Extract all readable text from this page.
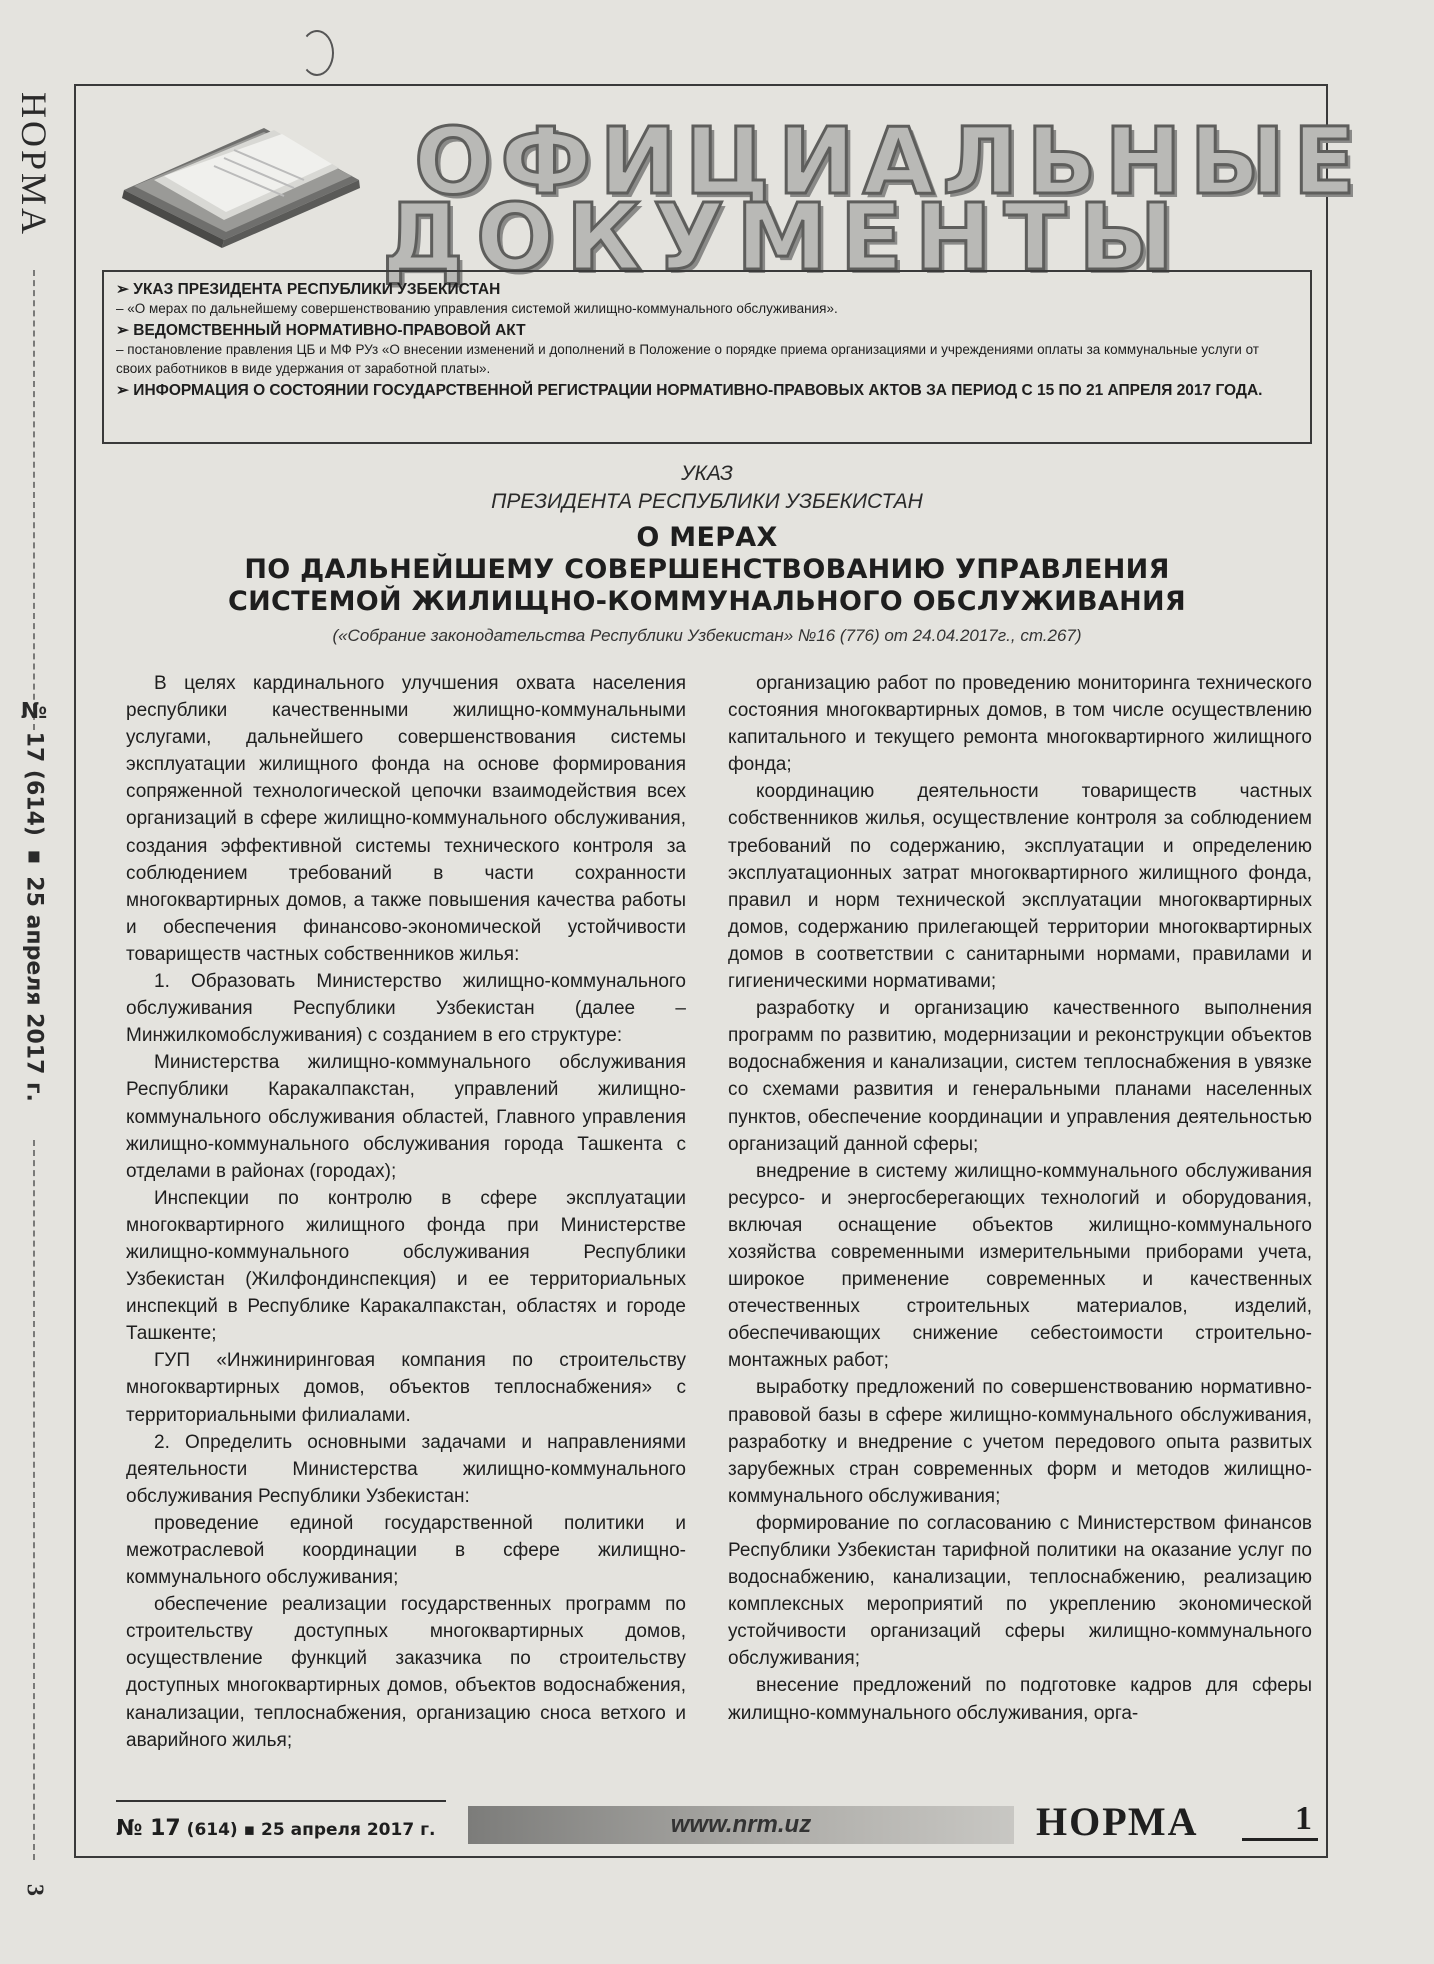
НОРМА
№ 17 (614) ▪ 25 апреля 2017 г.
3
ОФИЦИАЛЬНЫЕ
ДОКУМЕНТЫ
➢ УКАЗ ПРЕЗИДЕНТА РЕСПУБЛИКИ УЗБЕКИСТАН
– «О мерах по дальнейшему совершенствованию управления системой жилищно-коммунального обслуживания».
➢ ВЕДОМСТВЕННЫЙ НОРМАТИВНО-ПРАВОВОЙ АКТ
– постановление правления ЦБ и МФ РУз «О внесении изменений и дополнений в Положение о порядке приема организациями и учреждениями оплаты за коммунальные услуги от своих работников в виде удержания от заработной платы».
➢ ИНФОРМАЦИЯ О СОСТОЯНИИ ГОСУДАРСТВЕННОЙ РЕГИСТРАЦИИ НОРМАТИВНО-ПРАВОВЫХ АКТОВ ЗА ПЕРИОД С 15 ПО 21 АПРЕЛЯ 2017 ГОДА.
УКАЗ
ПРЕЗИДЕНТА РЕСПУБЛИКИ УЗБЕКИСТАН
О МЕРАХ
ПО ДАЛЬНЕЙШЕМУ СОВЕРШЕНСТВОВАНИЮ УПРАВЛЕНИЯ
СИСТЕМОЙ ЖИЛИЩНО-КОММУНАЛЬНОГО ОБСЛУЖИВАНИЯ
(«Собрание законодательства Республики Узбекистан» №16 (776) от 24.04.2017г., ст.267)

В целях кардинального улучшения охвата населения республики качественными жилищно-коммунальными услугами, дальнейшего совершенствования системы эксплуатации жилищного фонда на основе формирования сопряженной технологической цепочки взаимодействия всех организаций в сфере жилищно-коммунального обслуживания, создания эффективной системы технического контроля за соблюдением требований в части сохранности многоквартирных домов, а также повышения качества работы и обеспечения финансово-экономической устойчивости товариществ частных собственников жилья:

1. Образовать Министерство жилищно-коммунального обслуживания Республики Узбекистан (далее – Минжилкомобслуживания) с созданием в его структуре:

Министерства жилищно-коммунального обслуживания Республики Каракалпакстан, управлений жилищно-коммунального обслуживания областей, Главного управления жилищно-коммунального обслуживания города Ташкента с отделами в районах (городах);

Инспекции по контролю в сфере эксплуатации многоквартирного жилищного фонда при Министерстве жилищно-коммунального обслуживания Республики Узбекистан (Жилфондинспекция) и ее территориальных инспекций в Республике Каракалпакстан, областях и городе Ташкенте;

ГУП «Инжиниринговая компания по строительству многоквартирных домов, объектов теплоснабжения» с территориальными филиалами.

2. Определить основными задачами и направлениями деятельности Министерства жилищно-коммунального обслуживания Республики Узбекистан:

проведение единой государственной политики и межотраслевой координации в сфере жилищно-коммунального обслуживания;

обеспечение реализации государственных программ по строительству доступных многоквартирных домов, осуществление функций заказчика по строительству доступных многоквартирных домов, объектов водоснабжения, канализации, теплоснабжения, организацию сноса ветхого и аварийного жилья;

организацию работ по проведению мониторинга технического состояния многоквартирных домов, в том числе осуществлению капитального и текущего ремонта многоквартирного жилищного фонда;

координацию деятельности товариществ частных собственников жилья, осуществление контроля за соблюдением требований по содержанию, эксплуатации и определению эксплуатационных затрат многоквартирного жилищного фонда, правил и норм технической эксплуатации многоквартирных домов, содержанию прилегающей территории многоквартирных домов в соответствии с санитарными нормами, правилами и гигиеническими нормативами;

разработку и организацию качественного выполнения программ по развитию, модернизации и реконструкции объектов водоснабжения и канализации, систем теплоснабжения в увязке со схемами развития и генеральными планами населенных пунктов, обеспечение координации и управления деятельностью организаций данной сферы;

внедрение в систему жилищно-коммунального обслуживания ресурсо- и энергосберегающих технологий и оборудования, включая оснащение объектов жилищно-коммунального хозяйства современными измерительными приборами учета, широкое применение современных и качественных отечественных строительных материалов, изделий, обеспечивающих снижение себестоимости строительно-монтажных работ;

выработку предложений по совершенствованию нормативно-правовой базы в сфере жилищно-коммунального обслуживания, разработку и внедрение с учетом передового опыта развитых зарубежных стран современных форм и методов жилищно-коммунального обслуживания;

формирование по согласованию с Министерством финансов Республики Узбекистан тарифной политики на оказание услуг по водоснабжению, канализации, теплоснабжению, реализацию комплексных мероприятий по укреплению экономической устойчивости организаций сферы жилищно-коммунального обслуживания;

внесение предложений по подготовке кадров для сферы жилищно-коммунального обслуживания, орга-

№ 17 (614) ▪ 25 апреля 2017 г.	www.nrm.uz	НОРМА	1
